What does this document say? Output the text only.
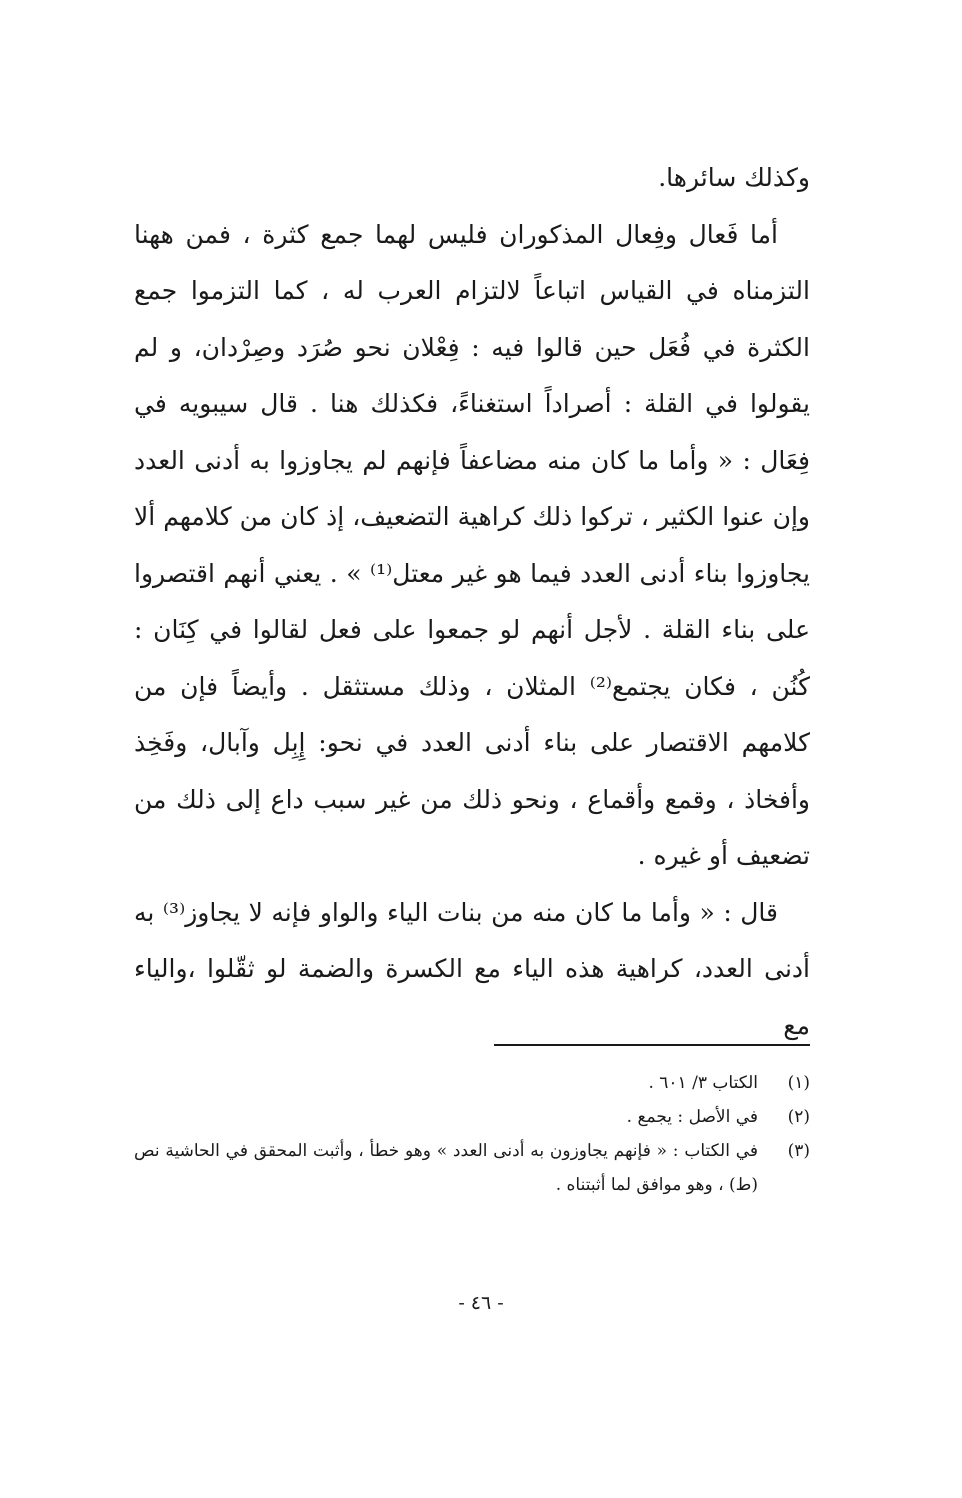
وكذلك سائرها.

أما فَعال وفِعال المذكوران فليس لهما جمع كثرة ، فمن ههنا التزمناه في القياس اتباعاً لالتزام العرب له ، كما التزموا جمع الكثرة في فُعَل حين قالوا فيه : فِعْلان نحو صُرَد وصِرْدان، و لم يقولوا في القلة : أصراداً استغناءً، فكذلك هنا . قال سيبويه في فِعَال : « وأما ما كان منه مضاعفاً فإنهم لم يجاوزوا به أدنى العدد وإن عنوا الكثير ، تركوا ذلك كراهية التضعيف، إذ كان من كلامهم ألا يجاوزوا بناء أدنى العدد فيما هو غير معتل⁽¹⁾ » . يعني أنهم اقتصروا على بناء القلة . لأجل أنهم لو جمعوا على فعل لقالوا في كِنَان : كُنُن ، فكان يجتمع⁽²⁾ المثلان ، وذلك مستثقل . وأيضاً فإن من كلامهم الاقتصار على بناء أدنى العدد في نحو: إِبِل وآبال، وفَخِذ وأفخاذ ، وقمع وأقماع ، ونحو ذلك من غير سبب داع إلى ذلك من تضعيف أو غيره .

قال : « وأما ما كان منه من بنات الياء والواو فإنه لا يجاوز⁽³⁾ به أدنى العدد، كراهية هذه الياء مع الكسرة والضمة لو ثقّلوا ،والياء مع

(١)
الكتاب ٣/ ٦٠١ .
(٢)
في الأصل : يجمع .
(٣)
في الكتاب : « فإنهم يجاوزون به أدنى العدد » وهو خطأ ، وأثبت المحقق في الحاشية نص (ط) ، وهو موافق لما أثبتناه .
- ٤٦ -
